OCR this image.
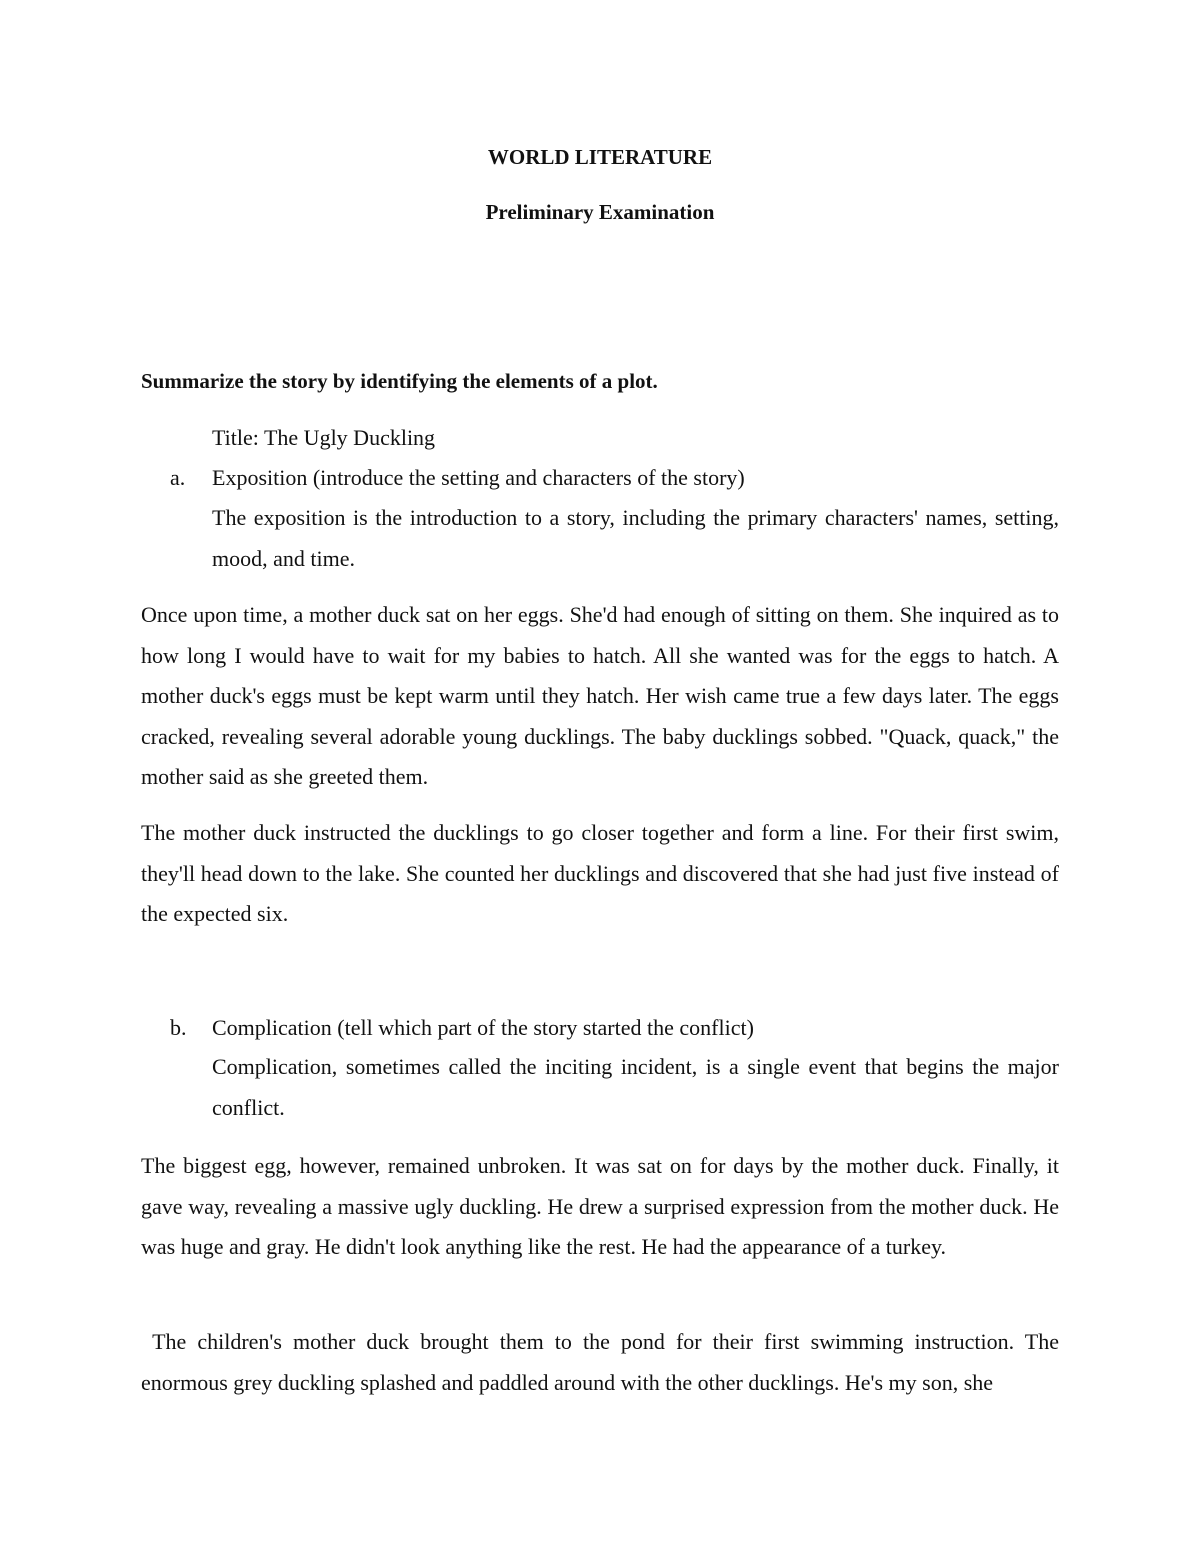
WORLD LITERATURE
Preliminary Examination
Summarize the story by identifying the elements of a plot.
Title: The Ugly Duckling
a. Exposition (introduce the setting and characters of the story)

The exposition is the introduction to a story, including the primary characters' names, setting, mood, and time.

Once upon time, a mother duck sat on her eggs. She'd had enough of sitting on them. She inquired as to how long I would have to wait for my babies to hatch. All she wanted was for the eggs to hatch. A mother duck's eggs must be kept warm until they hatch. Her wish came true a few days later. The eggs cracked, revealing several adorable young ducklings. The baby ducklings sobbed. "Quack, quack," the mother said as she greeted them.

The mother duck instructed the ducklings to go closer together and form a line. For their first swim, they'll head down to the lake. She counted her ducklings and discovered that she had just five instead of the expected six.

b. Complication (tell which part of the story started the conflict)

Complication, sometimes called the inciting incident, is a single event that begins the major conflict.

The biggest egg, however, remained unbroken. It was sat on for days by the mother duck. Finally, it gave way, revealing a massive ugly duckling. He drew a surprised expression from the mother duck. He was huge and gray. He didn't look anything like the rest. He had the appearance of a turkey.

The children's mother duck brought them to the pond for their first swimming instruction. The enormous grey duckling splashed and paddled around with the other ducklings. He's my son, she
